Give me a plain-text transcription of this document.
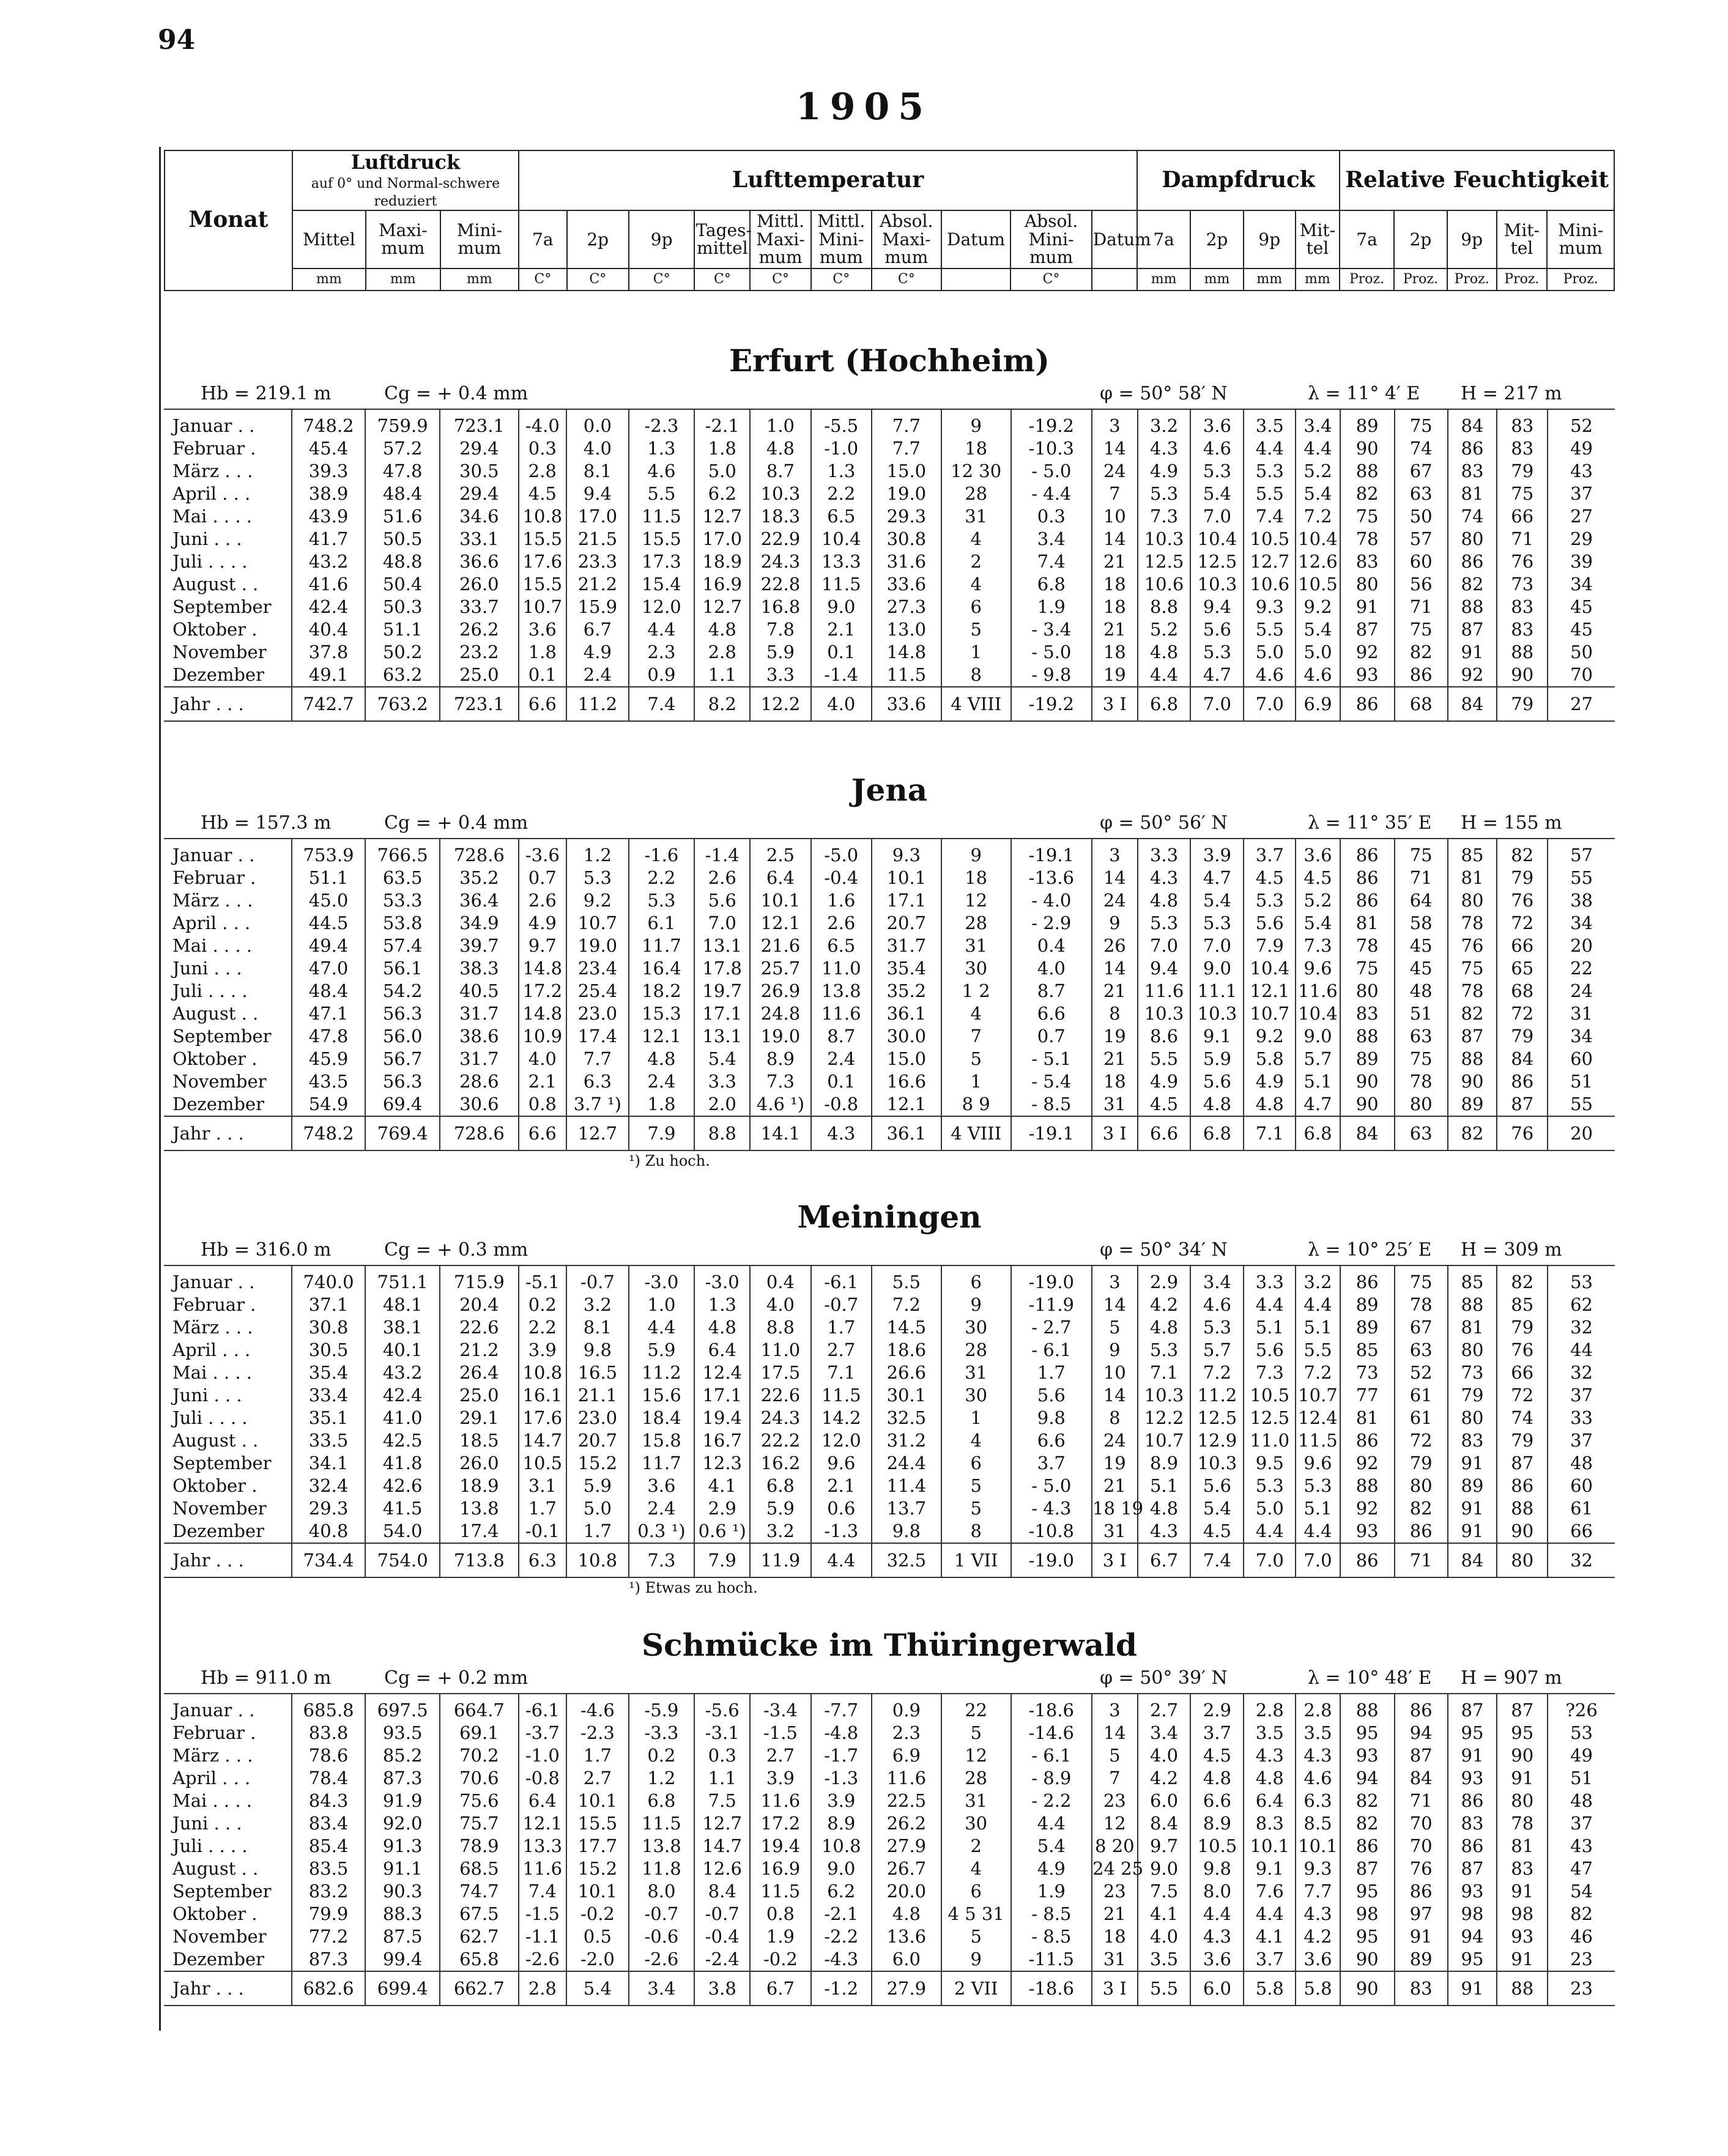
94
1905
Monat	Luftdruck
auf 0° und Normal-schwere reduziert			Lufttemperatur										Dampfdruck				Relative Feuchtigkeit				
	Mittel	Maxi-mum	Mini-mum	7a	2p	9p	Tages-mittel	Mittl. Maxi-mum	Mittl. Mini-mum	Absol. Maxi-mum	Datum	Absol. Mini-mum	Datum	7a	2p	9p	Mit-tel	7a	2p	9p	Mit-tel	Mini-mum
	mm	mm	mm	C°	C°	C°	C°	C°	C°	C°		C°		mm	mm	mm	mm	Proz.	Proz.	Proz.	Proz.	Proz.
Erfurt (Hochheim)
Hb = 219.1 m	Cg = + 0.4 mm	φ = 50° 58′ N	λ = 11° 4′ E H = 217 m
Januar . .	748.2	759.9	723.1	-4.0	0.0	-2.3	-2.1	1.0	-5.5	7.7	9	-19.2	3	3.2	3.6	3.5	3.4	89	75	84	83	52
Februar .	45.4	57.2	29.4	0.3	4.0	1.3	1.8	4.8	-1.0	7.7	18	-10.3	14	4.3	4.6	4.4	4.4	90	74	86	83	49
März . . .	39.3	47.8	30.5	2.8	8.1	4.6	5.0	8.7	1.3	15.0	12 30	- 5.0	24	4.9	5.3	5.3	5.2	88	67	83	79	43
April . . .	38.9	48.4	29.4	4.5	9.4	5.5	6.2	10.3	2.2	19.0	28	- 4.4	7	5.3	5.4	5.5	5.4	82	63	81	75	37
Mai . . . .	43.9	51.6	34.6	10.8	17.0	11.5	12.7	18.3	6.5	29.3	31	0.3	10	7.3	7.0	7.4	7.2	75	50	74	66	27
Juni . . .	41.7	50.5	33.1	15.5	21.5	15.5	17.0	22.9	10.4	30.8	4	3.4	14	10.3	10.4	10.5	10.4	78	57	80	71	29
Juli . . . .	43.2	48.8	36.6	17.6	23.3	17.3	18.9	24.3	13.3	31.6	2	7.4	21	12.5	12.5	12.7	12.6	83	60	86	76	39
August . .	41.6	50.4	26.0	15.5	21.2	15.4	16.9	22.8	11.5	33.6	4	6.8	18	10.6	10.3	10.6	10.5	80	56	82	73	34
September	42.4	50.3	33.7	10.7	15.9	12.0	12.7	16.8	9.0	27.3	6	1.9	18	8.8	9.4	9.3	9.2	91	71	88	83	45
Oktober .	40.4	51.1	26.2	3.6	6.7	4.4	4.8	7.8	2.1	13.0	5	- 3.4	21	5.2	5.6	5.5	5.4	87	75	87	83	45
November	37.8	50.2	23.2	1.8	4.9	2.3	2.8	5.9	0.1	14.8	1	- 5.0	18	4.8	5.3	5.0	5.0	92	82	91	88	50
Dezember	49.1	63.2	25.0	0.1	2.4	0.9	1.1	3.3	-1.4	11.5	8	- 9.8	19	4.4	4.7	4.6	4.6	93	86	92	90	70
Jahr . . .	742.7	763.2	723.1	6.6	11.2	7.4	8.2	12.2	4.0	33.6	4 VIII	-19.2	3 I	6.8	7.0	7.0	6.9	86	68	84	79	27
Jena
Hb = 157.3 m	Cg = + 0.4 mm	φ = 50° 56′ N	λ = 11° 35′ E H = 155 m
Januar . .	753.9	766.5	728.6	-3.6	1.2	-1.6	-1.4	2.5	-5.0	9.3	9	-19.1	3	3.3	3.9	3.7	3.6	86	75	85	82	57
Februar .	51.1	63.5	35.2	0.7	5.3	2.2	2.6	6.4	-0.4	10.1	18	-13.6	14	4.3	4.7	4.5	4.5	86	71	81	79	55
März . . .	45.0	53.3	36.4	2.6	9.2	5.3	5.6	10.1	1.6	17.1	12	- 4.0	24	4.8	5.4	5.3	5.2	86	64	80	76	38
April . . .	44.5	53.8	34.9	4.9	10.7	6.1	7.0	12.1	2.6	20.7	28	- 2.9	9	5.3	5.3	5.6	5.4	81	58	78	72	34
Mai . . . .	49.4	57.4	39.7	9.7	19.0	11.7	13.1	21.6	6.5	31.7	31	0.4	26	7.0	7.0	7.9	7.3	78	45	76	66	20
Juni . . .	47.0	56.1	38.3	14.8	23.4	16.4	17.8	25.7	11.0	35.4	30	4.0	14	9.4	9.0	10.4	9.6	75	45	75	65	22
Juli . . . .	48.4	54.2	40.5	17.2	25.4	18.2	19.7	26.9	13.8	35.2	1 2	8.7	21	11.6	11.1	12.1	11.6	80	48	78	68	24
August . .	47.1	56.3	31.7	14.8	23.0	15.3	17.1	24.8	11.6	36.1	4	6.6	8	10.3	10.3	10.7	10.4	83	51	82	72	31
September	47.8	56.0	38.6	10.9	17.4	12.1	13.1	19.0	8.7	30.0	7	0.7	19	8.6	9.1	9.2	9.0	88	63	87	79	34
Oktober .	45.9	56.7	31.7	4.0	7.7	4.8	5.4	8.9	2.4	15.0	5	- 5.1	21	5.5	5.9	5.8	5.7	89	75	88	84	60
November	43.5	56.3	28.6	2.1	6.3	2.4	3.3	7.3	0.1	16.6	1	- 5.4	18	4.9	5.6	4.9	5.1	90	78	90	86	51
Dezember	54.9	69.4	30.6	0.8	3.7 ¹)	1.8	2.0	4.6 ¹)	-0.8	12.1	8 9	- 8.5	31	4.5	4.8	4.8	4.7	90	80	89	87	55
Jahr . . .	748.2	769.4	728.6	6.6	12.7	7.9	8.8	14.1	4.3	36.1	4 VIII	-19.1	3 I	6.6	6.8	7.1	6.8	84	63	82	76	20
¹) Zu hoch.
Meiningen
Hb = 316.0 m	Cg = + 0.3 mm	φ = 50° 34′ N	λ = 10° 25′ E H = 309 m
Januar . .	740.0	751.1	715.9	-5.1	-0.7	-3.0	-3.0	0.4	-6.1	5.5	6	-19.0	3	2.9	3.4	3.3	3.2	86	75	85	82	53
Februar .	37.1	48.1	20.4	0.2	3.2	1.0	1.3	4.0	-0.7	7.2	9	-11.9	14	4.2	4.6	4.4	4.4	89	78	88	85	62
März . . .	30.8	38.1	22.6	2.2	8.1	4.4	4.8	8.8	1.7	14.5	30	- 2.7	5	4.8	5.3	5.1	5.1	89	67	81	79	32
April . . .	30.5	40.1	21.2	3.9	9.8	5.9	6.4	11.0	2.7	18.6	28	- 6.1	9	5.3	5.7	5.6	5.5	85	63	80	76	44
Mai . . . .	35.4	43.2	26.4	10.8	16.5	11.2	12.4	17.5	7.1	26.6	31	1.7	10	7.1	7.2	7.3	7.2	73	52	73	66	32
Juni . . .	33.4	42.4	25.0	16.1	21.1	15.6	17.1	22.6	11.5	30.1	30	5.6	14	10.3	11.2	10.5	10.7	77	61	79	72	37
Juli . . . .	35.1	41.0	29.1	17.6	23.0	18.4	19.4	24.3	14.2	32.5	1	9.8	8	12.2	12.5	12.5	12.4	81	61	80	74	33
August . .	33.5	42.5	18.5	14.7	20.7	15.8	16.7	22.2	12.0	31.2	4	6.6	24	10.7	12.9	11.0	11.5	86	72	83	79	37
September	34.1	41.8	26.0	10.5	15.2	11.7	12.3	16.2	9.6	24.4	6	3.7	19	8.9	10.3	9.5	9.6	92	79	91	87	48
Oktober .	32.4	42.6	18.9	3.1	5.9	3.6	4.1	6.8	2.1	11.4	5	- 5.0	21	5.1	5.6	5.3	5.3	88	80	89	86	60
November	29.3	41.5	13.8	1.7	5.0	2.4	2.9	5.9	0.6	13.7	5	- 4.3	18 19	4.8	5.4	5.0	5.1	92	82	91	88	61
Dezember	40.8	54.0	17.4	-0.1	1.7	0.3 ¹)	0.6 ¹)	3.2	-1.3	9.8	8	-10.8	31	4.3	4.5	4.4	4.4	93	86	91	90	66
Jahr . . .	734.4	754.0	713.8	6.3	10.8	7.3	7.9	11.9	4.4	32.5	1 VII	-19.0	3 I	6.7	7.4	7.0	7.0	86	71	84	80	32
¹) Etwas zu hoch.
Schmücke im Thüringerwald
Hb = 911.0 m	Cg = + 0.2 mm	φ = 50° 39′ N	λ = 10° 48′ E H = 907 m
Januar . .	685.8	697.5	664.7	-6.1	-4.6	-5.9	-5.6	-3.4	-7.7	0.9	22	-18.6	3	2.7	2.9	2.8	2.8	88	86	87	87	?26
Februar .	83.8	93.5	69.1	-3.7	-2.3	-3.3	-3.1	-1.5	-4.8	2.3	5	-14.6	14	3.4	3.7	3.5	3.5	95	94	95	95	53
März . . .	78.6	85.2	70.2	-1.0	1.7	0.2	0.3	2.7	-1.7	6.9	12	- 6.1	5	4.0	4.5	4.3	4.3	93	87	91	90	49
April . . .	78.4	87.3	70.6	-0.8	2.7	1.2	1.1	3.9	-1.3	11.6	28	- 8.9	7	4.2	4.8	4.8	4.6	94	84	93	91	51
Mai . . . .	84.3	91.9	75.6	6.4	10.1	6.8	7.5	11.6	3.9	22.5	31	- 2.2	23	6.0	6.6	6.4	6.3	82	71	86	80	48
Juni . . .	83.4	92.0	75.7	12.1	15.5	11.5	12.7	17.2	8.9	26.2	30	4.4	12	8.4	8.9	8.3	8.5	82	70	83	78	37
Juli . . . .	85.4	91.3	78.9	13.3	17.7	13.8	14.7	19.4	10.8	27.9	2	5.4	8 20	9.7	10.5	10.1	10.1	86	70	86	81	43
August . .	83.5	91.1	68.5	11.6	15.2	11.8	12.6	16.9	9.0	26.7	4	4.9	24 25	9.0	9.8	9.1	9.3	87	76	87	83	47
September	83.2	90.3	74.7	7.4	10.1	8.0	8.4	11.5	6.2	20.0	6	1.9	23	7.5	8.0	7.6	7.7	95	86	93	91	54
Oktober .	79.9	88.3	67.5	-1.5	-0.2	-0.7	-0.7	0.8	-2.1	4.8	4 5 31	- 8.5	21	4.1	4.4	4.4	4.3	98	97	98	98	82
November	77.2	87.5	62.7	-1.1	0.5	-0.6	-0.4	1.9	-2.2	13.6	5	- 8.5	18	4.0	4.3	4.1	4.2	95	91	94	93	46
Dezember	87.3	99.4	65.8	-2.6	-2.0	-2.6	-2.4	-0.2	-4.3	6.0	9	-11.5	31	3.5	3.6	3.7	3.6	90	89	95	91	23
Jahr . . .	682.6	699.4	662.7	2.8	5.4	3.4	3.8	6.7	-1.2	27.9	2 VII	-18.6	3 I	5.5	6.0	5.8	5.8	90	83	91	88	23
